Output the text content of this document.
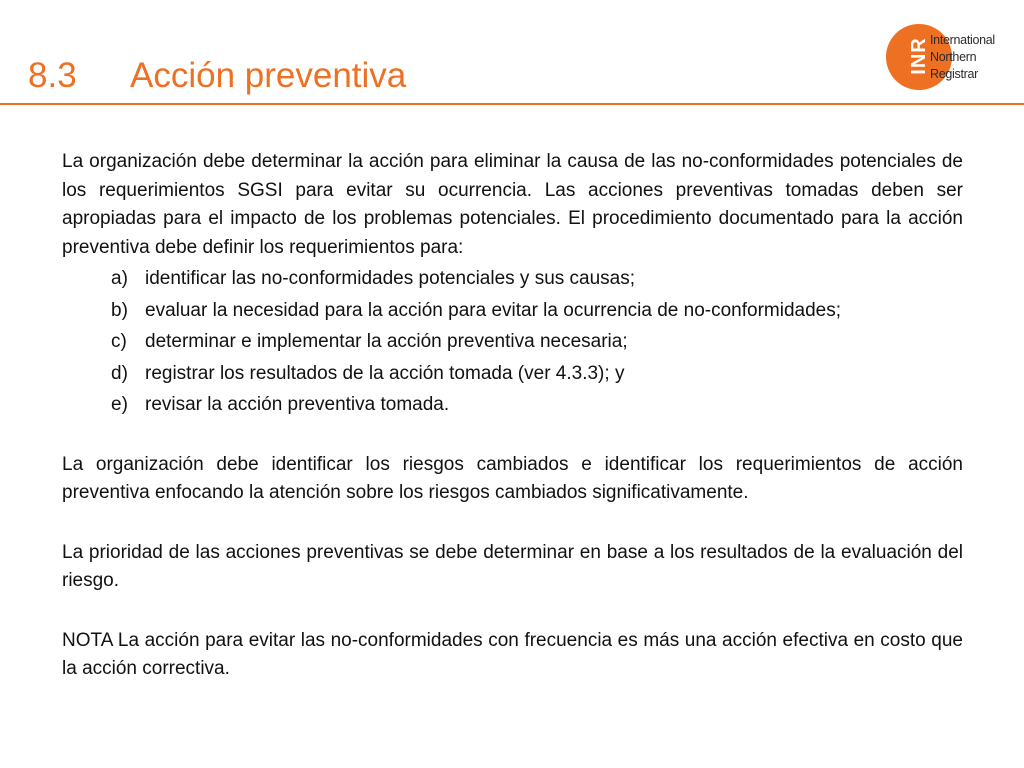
8.3 Acción preventiva	INR International
Northern
Registrar

La organización debe determinar la acción para eliminar la causa de las no-conformidades potenciales de los requerimientos SGSI para evitar su ocurrencia. Las acciones preventivas tomadas deben ser apropiadas para el impacto de los problemas potenciales. El procedimiento documentado para la acción preventiva debe definir los requerimientos para:

a) identificar las no-conformidades potenciales y sus causas;
b) evaluar la necesidad para la acción para evitar la ocurrencia de no-conformidades;
c) determinar e implementar la acción preventiva necesaria;
d) registrar los resultados de la acción tomada (ver 4.3.3); y
e) revisar la acción preventiva tomada.

La organización debe identificar los riesgos cambiados e identificar los requerimientos de acción preventiva enfocando la atención sobre los riesgos cambiados significativamente.

La prioridad de las acciones preventivas se debe determinar en base a los resultados de la evaluación del riesgo.

NOTA La acción para evitar las no-conformidades con frecuencia es más una acción efectiva en costo que la acción correctiva.
